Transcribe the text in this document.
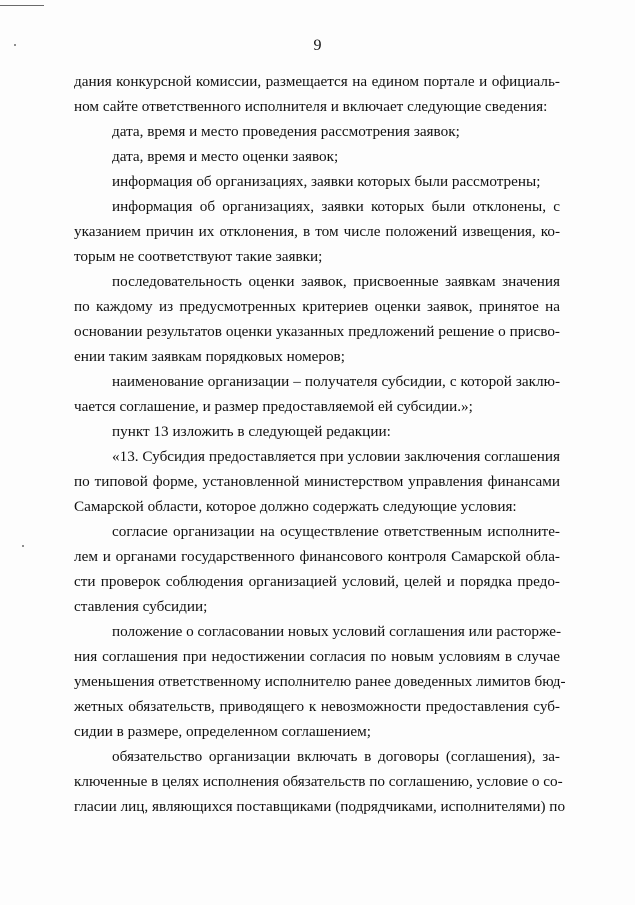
9
дания конкурсной комиссии, размещается на едином портале и официаль-
ном сайте ответственного исполнителя и включает следующие сведения:
дата, время и место проведения рассмотрения заявок;
дата, время и место оценки заявок;
информация об организациях, заявки которых были рассмотрены;
информация об организациях, заявки которых были отклонены, с
указанием причин их отклонения, в том числе положений извещения, ко-
торым не соответствуют такие заявки;
последовательность оценки заявок, присвоенные заявкам значения
по каждому из предусмотренных критериев оценки заявок, принятое на
основании результатов оценки указанных предложений решение о присво-
ении таким заявкам порядковых номеров;
наименование организации – получателя субсидии, с которой заклю-
чается соглашение, и размер предоставляемой ей субсидии.»;
пункт 13 изложить в следующей редакции:
«13. Субсидия предоставляется при условии заключения соглашения
по типовой форме, установленной министерством управления финансами
Самарской области, которое должно содержать следующие условия:
согласие организации на осуществление ответственным исполните-
лем и органами государственного финансового контроля Самарской обла-
сти проверок соблюдения организацией условий, целей и порядка предо-
ставления субсидии;
положение о согласовании новых условий соглашения или расторже-
ния соглашения при недостижении согласия по новым условиям в случае
уменьшения ответственному исполнителю ранее доведенных лимитов бюд-
жетных обязательств, приводящего к невозможности предоставления суб-
сидии в размере, определенном соглашением;
обязательство организации включать в договоры (соглашения), за-
ключенные в целях исполнения обязательств по соглашению, условие о со-
гласии лиц, являющихся поставщиками (подрядчиками, исполнителями) по
